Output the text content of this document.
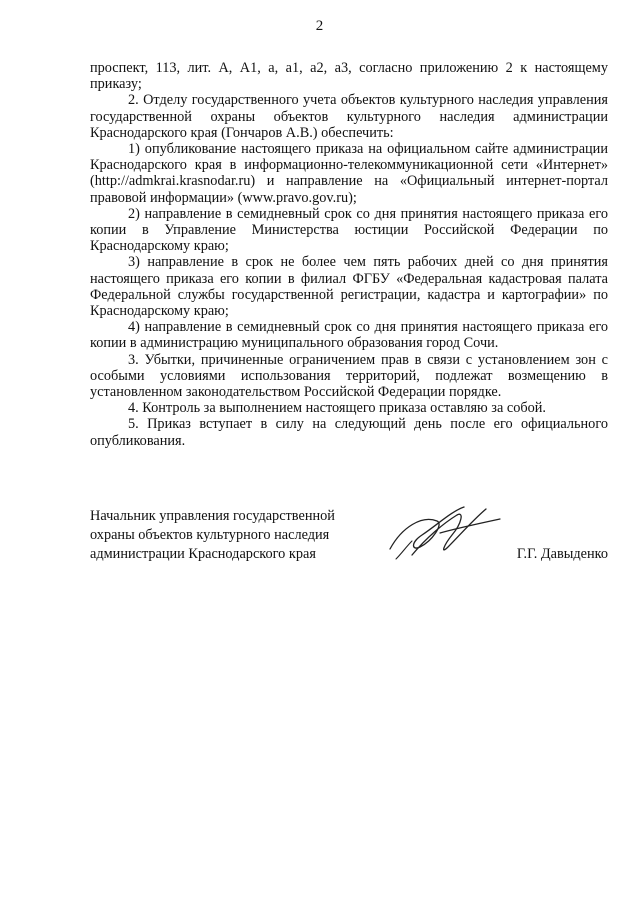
2

проспект, 113, лит. А, А1, а, а1, а2, а3, согласно приложению 2 к настоящему приказу;

2. Отделу государственного учета объектов культурного наследия управления государственной охраны объектов культурного наследия администрации Краснодарского края (Гончаров А.В.) обеспечить:

1) опубликование настоящего приказа на официальном сайте администрации Краснодарского края в информационно-телекоммуникационной сети «Интернет» (http://admkrai.krasnodar.ru) и направление на «Официальный интернет-портал правовой информации» (www.pravo.gov.ru);

2) направление в семидневный срок со дня принятия настоящего приказа его копии в Управление Министерства юстиции Российской Федерации по Краснодарскому краю;

3) направление в срок не более чем пять рабочих дней со дня принятия настоящего приказа его копии в филиал ФГБУ «Федеральная кадастровая палата Федеральной службы государственной регистрации, кадастра и картографии» по Краснодарскому краю;

4) направление в семидневный срок со дня принятия настоящего приказа его копии в администрацию муниципального образования город Сочи.

3. Убытки, причиненные ограничением прав в связи с установлением зон с особыми условиями использования территорий, подлежат возмещению в установленном законодательством Российской Федерации порядке.

4. Контроль за выполнением настоящего приказа оставляю за собой.

5. Приказ вступает в силу на следующий день после его официального опубликования.

Начальник управления государственной
охраны объектов культурного наследия
администрации Краснодарского края	Г.Г. Давыденко
